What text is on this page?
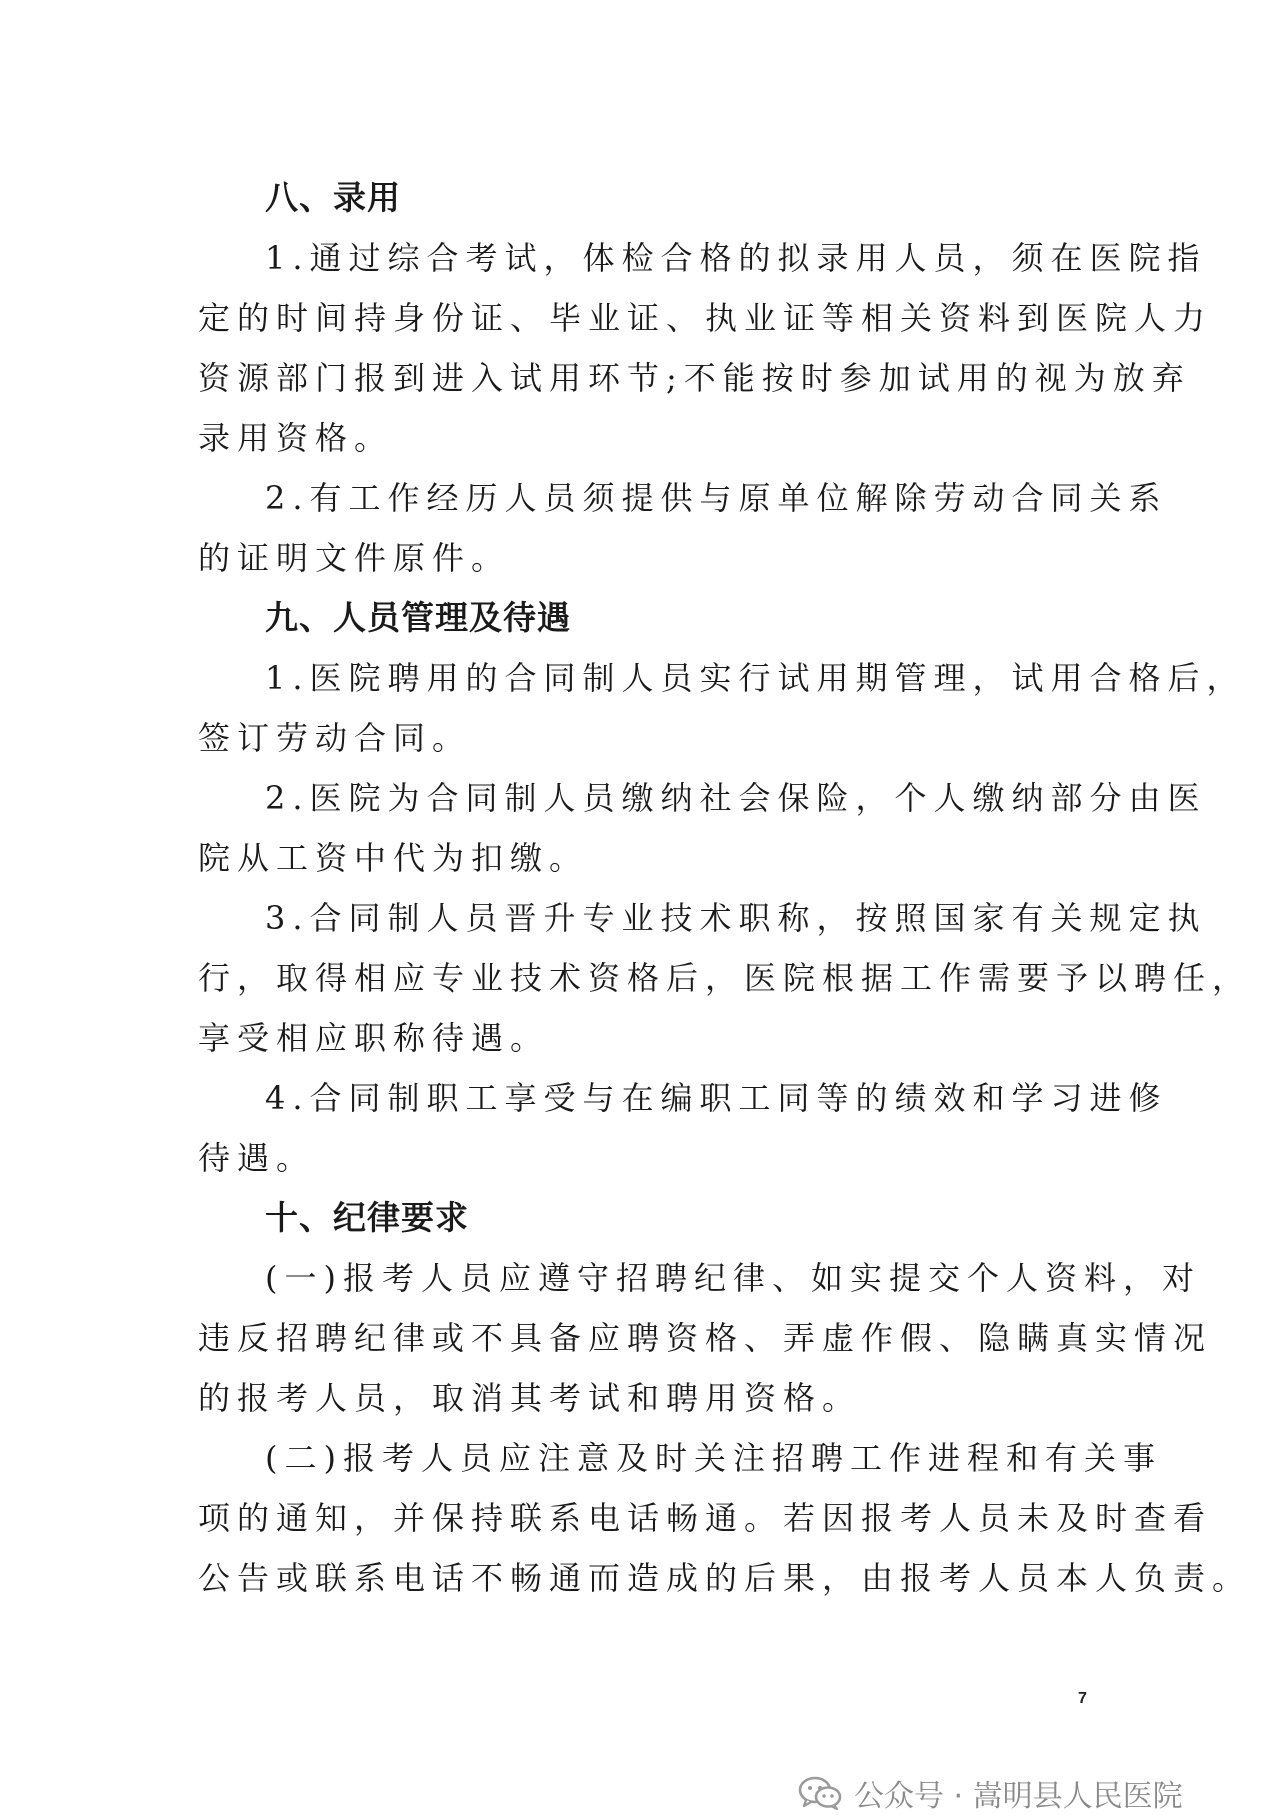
八、录用

1.通过综合考试，体检合格的拟录用人员，须在医院指
定的时间持身份证、毕业证、执业证等相关资料到医院人力
资源部门报到进入试用环节;不能按时参加试用的视为放弃
录用资格。

2.有工作经历人员须提供与原单位解除劳动合同关系
的证明文件原件。

九、人员管理及待遇

1.医院聘用的合同制人员实行试用期管理，试用合格后，
签订劳动合同。

2.医院为合同制人员缴纳社会保险，个人缴纳部分由医
院从工资中代为扣缴。

3.合同制人员晋升专业技术职称，按照国家有关规定执
行，取得相应专业技术资格后，医院根据工作需要予以聘任，
享受相应职称待遇。

4.合同制职工享受与在编职工同等的绩效和学习进修
待遇。

十、纪律要求

(一)报考人员应遵守招聘纪律、如实提交个人资料，对
违反招聘纪律或不具备应聘资格、弄虚作假、隐瞒真实情况
的报考人员，取消其考试和聘用资格。

(二)报考人员应注意及时关注招聘工作进程和有关事
项的通知，并保持联系电话畅通。若因报考人员未及时查看
公告或联系电话不畅通而造成的后果，由报考人员本人负责。

7
公众号 · 嵩明县人民医院
